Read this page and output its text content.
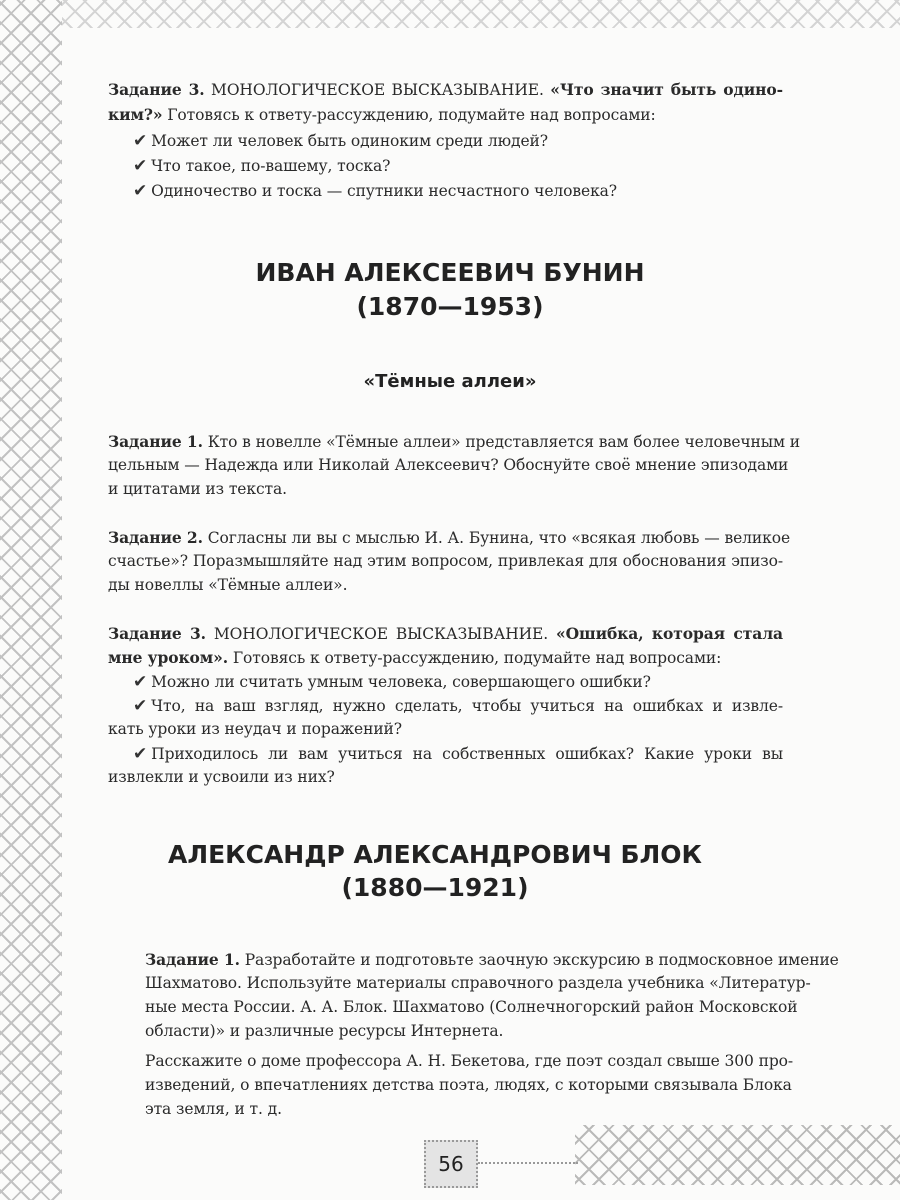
Задание 3. МОНОЛОГИЧЕСКОЕ ВЫСКАЗЫВАНИЕ. «Что значит быть одино-
ким?» Готовясь к ответу-рассуждению, подумайте над вопросами:
✔ Может ли человек быть одиноким среди людей?
✔ Что такое, по-вашему, тоска?
✔ Одиночество и тоска — спутники несчастного человека?
ИВАН АЛЕКСЕЕВИЧ БУНИН
(1870—1953)
«Тёмные аллеи»
Задание 1. Кто в новелле «Тёмные аллеи» представляется вам более человечным и
цельным — Надежда или Николай Алексеевич? Обоснуйте своё мнение эпизодами
и цитатами из текста.
Задание 2. Согласны ли вы с мыслью И. А. Бунина, что «всякая любовь — великое
счастье»? Поразмышляйте над этим вопросом, привлекая для обоснования эпизо-
ды новеллы «Тёмные аллеи».
Задание 3. МОНОЛОГИЧЕСКОЕ ВЫСКАЗЫВАНИЕ. «Ошибка, которая стала
мне уроком». Готовясь к ответу-рассуждению, подумайте над вопросами:
✔ Можно ли считать умным человека, совершающего ошибки?
✔ Что, на ваш взгляд, нужно сделать, чтобы учиться на ошибках и извле-
кать уроки из неудач и поражений?
✔ Приходилось ли вам учиться на собственных ошибках? Какие уроки вы
извлекли и усвоили из них?
АЛЕКСАНДР АЛЕКСАНДРОВИЧ БЛОК
(1880—1921)
Задание 1. Разработайте и подготовьте заочную экскурсию в подмосковное имение
Шахматово. Используйте материалы справочного раздела учебника «Литератур-
ные места России. А. А. Блок. Шахматово (Солнечногорский район Московской
области)» и различные ресурсы Интернета.
Расскажите о доме профессора А. Н. Бекетова, где поэт создал свыше 300 про-
изведений, о впечатлениях детства поэта, людях, с которыми связывала Блока
эта земля, и т. д.
56
